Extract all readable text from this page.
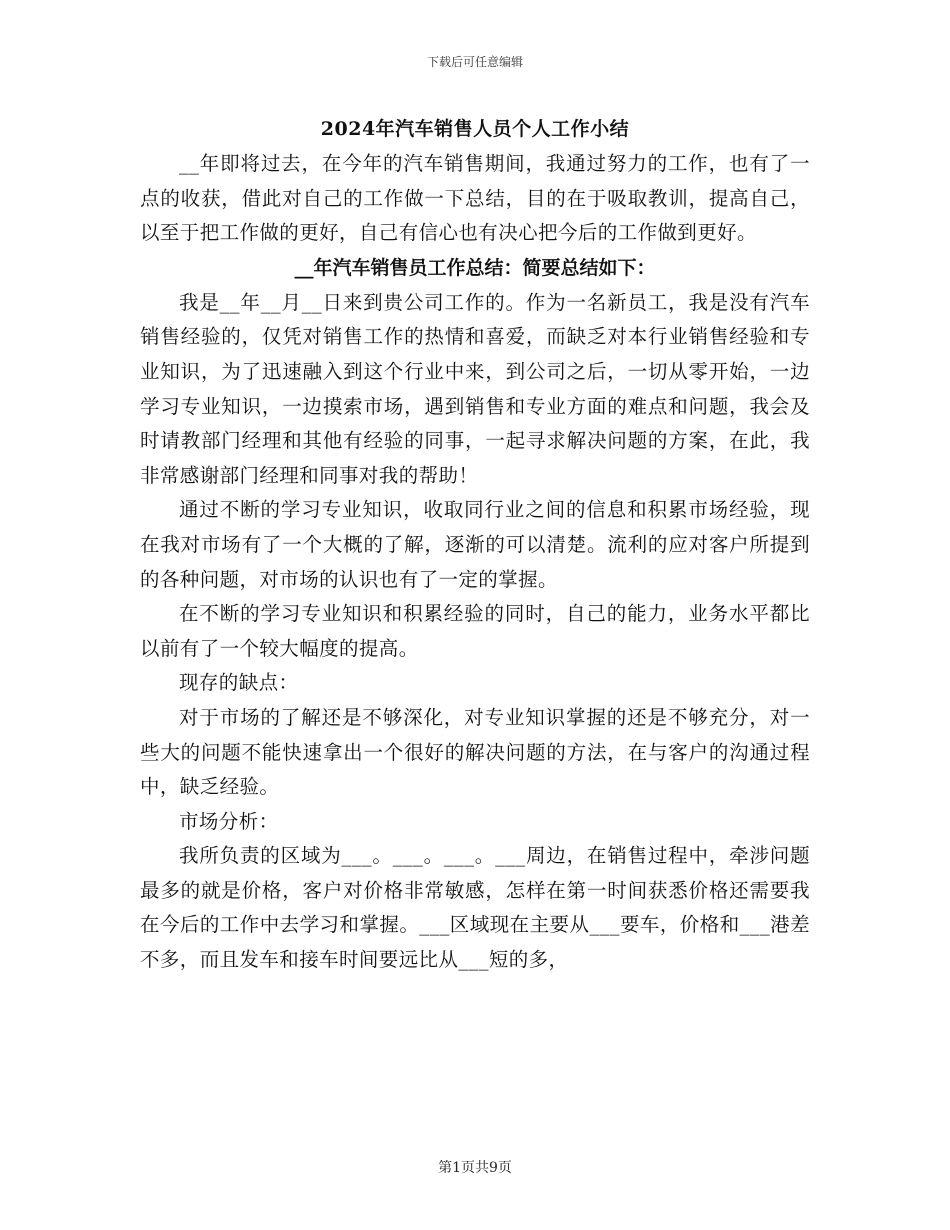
下载后可任意编辑
2024年汽车销售人员个人工作小结

__年即将过去，在今年的汽车销售期间，我通过努力的工作，也有了一点的收获，借此对自己的工作做一下总结，目的在于吸取教训，提高自己，以至于把工作做的更好，自己有信心也有决心把今后的工作做到更好。

__年汽车销售员工作总结：简要总结如下：

我是__年__月__日来到贵公司工作的。作为一名新员工，我是没有汽车销售经验的，仅凭对销售工作的热情和喜爱，而缺乏对本行业销售经验和专业知识，为了迅速融入到这个行业中来，到公司之后，一切从零开始，一边学习专业知识，一边摸索市场，遇到销售和专业方面的难点和问题，我会及时请教部门经理和其他有经验的同事，一起寻求解决问题的方案，在此，我非常感谢部门经理和同事对我的帮助！

通过不断的学习专业知识，收取同行业之间的信息和积累市场经验，现在我对市场有了一个大概的了解，逐渐的可以清楚。流利的应对客户所提到的各种问题，对市场的认识也有了一定的掌握。

在不断的学习专业知识和积累经验的同时，自己的能力，业务水平都比以前有了一个较大幅度的提高。

现存的缺点：

对于市场的了解还是不够深化，对专业知识掌握的还是不够充分，对一些大的问题不能快速拿出一个很好的解决问题的方法，在与客户的沟通过程中，缺乏经验。

市场分析：

我所负责的区域为___。___。___。___周边，在销售过程中，牵涉问题最多的就是价格，客户对价格非常敏感，怎样在第一时间获悉价格还需要我在今后的工作中去学习和掌握。___区域现在主要从___要车，价格和___港差不多，而且发车和接车时间要远比从___短的多，

第1页共9页
